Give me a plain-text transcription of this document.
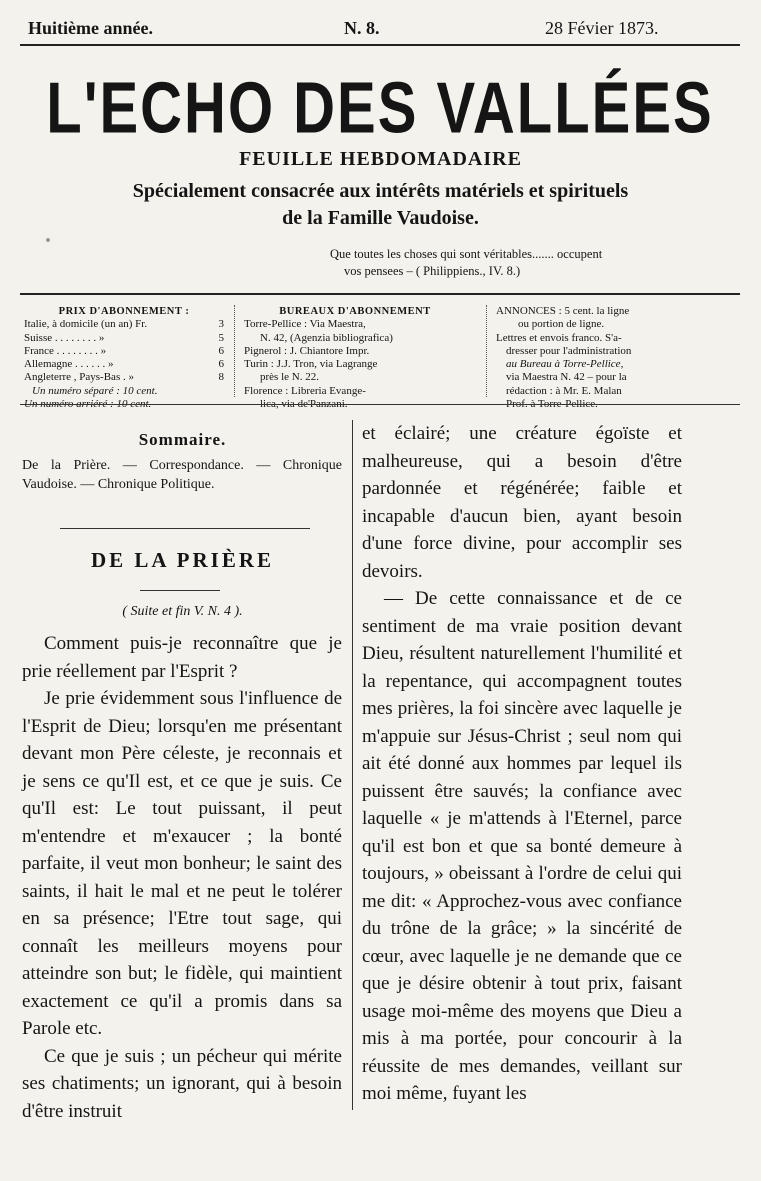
Huitième année.	N. 8.	28 Févier 1873.
L'ECHO DES VALLÉES
FEUILLE HEBDOMADAIRE
Spécialement consacrée aux intérêts matériels et spirituels
de la Famille Vaudoise.
Que toutes les choses qui sont véritables....... occupent
vos pensees – ( Philippiens., IV. 8.)
PRIX D'ABONNEMENT :
Italie, à domicile (un an) Fr.	3
Suisse . . . . . . . . »	5
France . . . . . . . . »	6
Allemagne . . . . . . »	6
Angleterre , Pays-Bas . »	8
Un numéro séparé : 10 cent.
Un numéro arriéré : 10 cent.
BUREAUX D'ABONNEMENT
Torre-Pellice : Via Maestra,
N. 42, (Agenzia bibliografica)
Pignerol : J. Chiantore Impr.
Turin : J.J. Tron, via Lagrange
près le N. 22.
Florence : Libreria Evange-
lica, via de'Panzani.
ANNONCES : 5 cent. la ligne
ou portion de ligne.
Lettres et envois franco. S'a-
dresser pour l'administration
au Bureau à Torre-Pellice,
via Maestra N. 42 – pour la
rédaction : à Mr. E. Malan
Prof. à Torre-Pellice.
Sommaire.
De la Prière. — Correspondance. — Chronique Vaudoise. — Chronique Politique.
DE LA PRIÈRE
( Suite et fin V. N. 4 ).

Comment puis-je reconnaître que je prie réellement par l'Esprit ?

Je prie évidemment sous l'influence de l'Esprit de Dieu; lorsqu'en me présentant devant mon Père céleste, je reconnais et je sens ce qu'Il est, et ce que je suis. Ce qu'Il est: Le tout puissant, il peut m'entendre et m'exaucer ; la bonté parfaite, il veut mon bonheur; le saint des saints, il hait le mal et ne peut le tolérer en sa présence; l'Etre tout sage, qui connaît les meilleurs moyens pour atteindre son but; le fidèle, qui maintient exactement ce qu'il a promis dans sa Parole etc.

Ce que je suis ; un pécheur qui mérite ses chatiments; un ignorant, qui à besoin d'être instruit

et éclairé; une créature égoïste et malheureuse, qui a besoin d'être pardonnée et régénérée; faible et incapable d'aucun bien, ayant besoin d'une force divine, pour accomplir ses devoirs.

— De cette connaissance et de ce sentiment de ma vraie position devant Dieu, résultent naturellement l'humilité et la repentance, qui accompagnent toutes mes prières, la foi sincère avec laquelle je m'appuie sur Jésus-Christ ; seul nom qui ait été donné aux hommes par lequel ils puissent être sauvés; la confiance avec laquelle « je m'attends à l'Eternel, parce qu'il est bon et que sa bonté demeure à toujours, » obeissant à l'ordre de celui qui me dit: « Approchez-vous avec confiance du trône de la grâce; » la sincérité de cœur, avec laquelle je ne demande que ce que je désire obtenir à tout prix, faisant usage moi-même des moyens que Dieu a mis à ma portée, pour concourir à la réussite de mes demandes, veillant sur moi même, fuyant les
